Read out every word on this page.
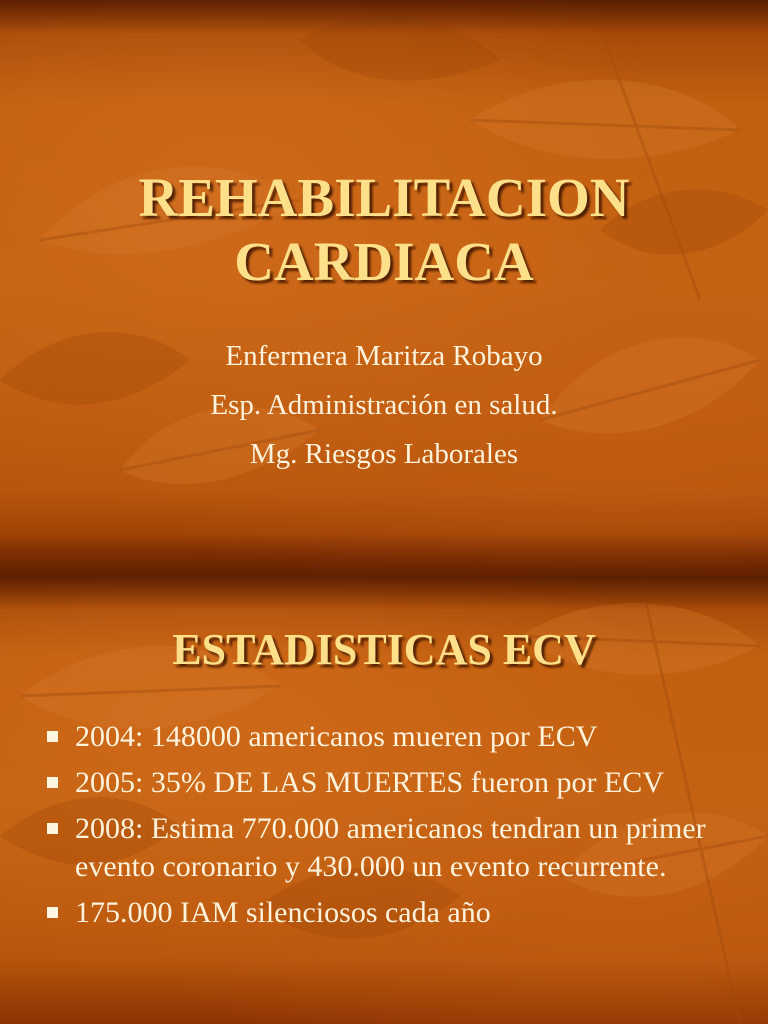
REHABILITACION
CARDIACA
Enfermera Maritza Robayo
Esp. Administración en salud.
Mg. Riesgos Laborales
ESTADISTICAS ECV
2004: 148000 americanos mueren por ECV
2005: 35% DE LAS MUERTES fueron por ECV
2008: Estima 770.000 americanos tendran un primer evento coronario y 430.000 un evento recurrente.
175.000 IAM silenciosos cada año
